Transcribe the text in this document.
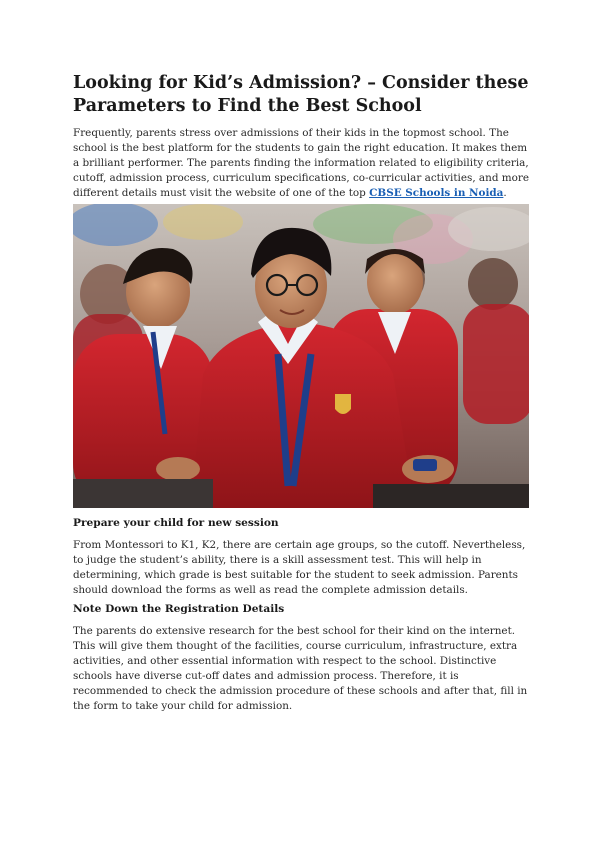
Looking for Kid’s Admission? – Consider these Parameters to Find the Best School

Frequently, parents stress over admissions of their kids in the topmost school. The school is the best platform for the students to gain the right education. It makes them a brilliant performer. The parents finding the information related to eligibility criteria, cutoff, admission process, curriculum specifications, co-curricular activities, and more different details must visit the website of one of the top CBSE Schools in Noida.

Prepare your child for new session

From Montessori to K1, K2, there are certain age groups, so the cutoff. Nevertheless, to judge the student’s ability, there is a skill assessment test. This will help in determining, which grade is best suitable for the student to seek admission. Parents should download the forms as well as read the complete admission details.

Note Down the Registration Details

The parents do extensive research for the best school for their kind on the internet. This will give them thought of the facilities, course curriculum, infrastructure, extra activities, and other essential information with respect to the school. Distinctive schools have diverse cut-off dates and admission process. Therefore, it is recommended to check the admission procedure of these schools and after that, fill in the form to take your child for admission.
